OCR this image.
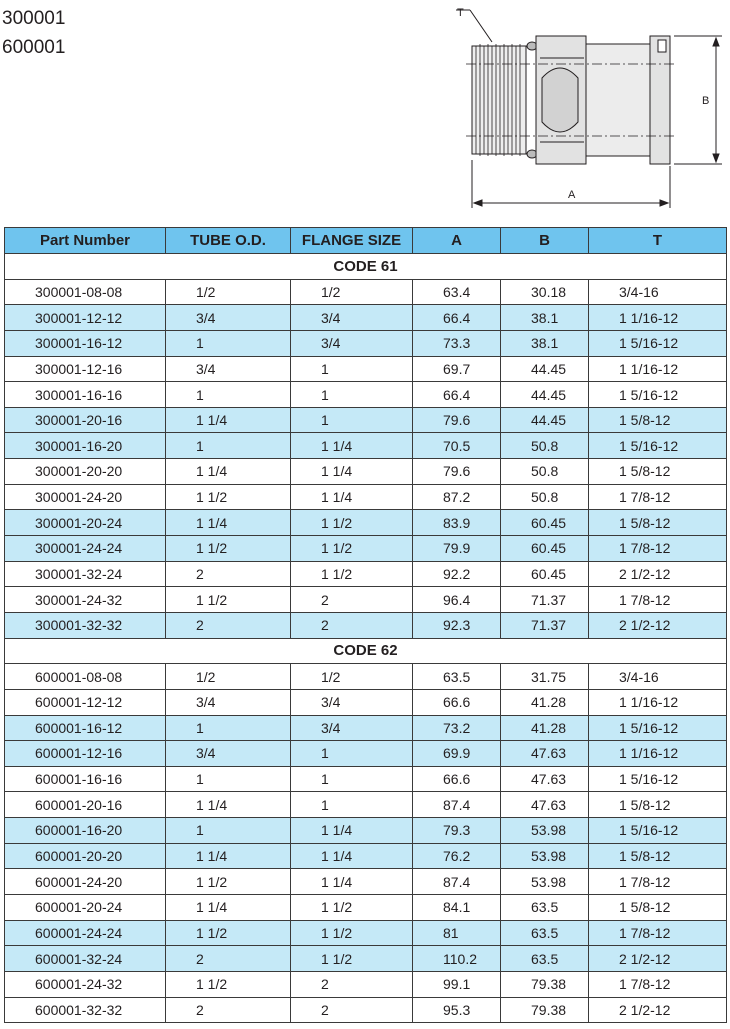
300001
600001
T
A
B
Part Number	TUBE O.D.	FLANGE SIZE	A	B	T
CODE 61					
300001-08-08	1/2	1/2	63.4	30.18	3/4-16
300001-12-12	3/4	3/4	66.4	38.1	1 1/16-12
300001-16-12	1	3/4	73.3	38.1	1 5/16-12
300001-12-16	3/4	1	69.7	44.45	1 1/16-12
300001-16-16	1	1	66.4	44.45	1 5/16-12
300001-20-16	1 1/4	1	79.6	44.45	1 5/8-12
300001-16-20	1	1 1/4	70.5	50.8	1 5/16-12
300001-20-20	1 1/4	1 1/4	79.6	50.8	1 5/8-12
300001-24-20	1 1/2	1 1/4	87.2	50.8	1 7/8-12
300001-20-24	1 1/4	1 1/2	83.9	60.45	1 5/8-12
300001-24-24	1 1/2	1 1/2	79.9	60.45	1 7/8-12
300001-32-24	2	1 1/2	92.2	60.45	2 1/2-12
300001-24-32	1 1/2	2	96.4	71.37	1 7/8-12
300001-32-32	2	2	92.3	71.37	2 1/2-12
CODE 62					
600001-08-08	1/2	1/2	63.5	31.75	3/4-16
600001-12-12	3/4	3/4	66.6	41.28	1 1/16-12
600001-16-12	1	3/4	73.2	41.28	1 5/16-12
600001-12-16	3/4	1	69.9	47.63	1 1/16-12
600001-16-16	1	1	66.6	47.63	1 5/16-12
600001-20-16	1 1/4	1	87.4	47.63	1 5/8-12
600001-16-20	1	1 1/4	79.3	53.98	1 5/16-12
600001-20-20	1 1/4	1 1/4	76.2	53.98	1 5/8-12
600001-24-20	1 1/2	1 1/4	87.4	53.98	1 7/8-12
600001-20-24	1 1/4	1 1/2	84.1	63.5	1 5/8-12
600001-24-24	1 1/2	1 1/2	81	63.5	1 7/8-12
600001-32-24	2	1 1/2	110.2	63.5	2 1/2-12
600001-24-32	1 1/2	2	99.1	79.38	1 7/8-12
600001-32-32	2	2	95.3	79.38	2 1/2-12
